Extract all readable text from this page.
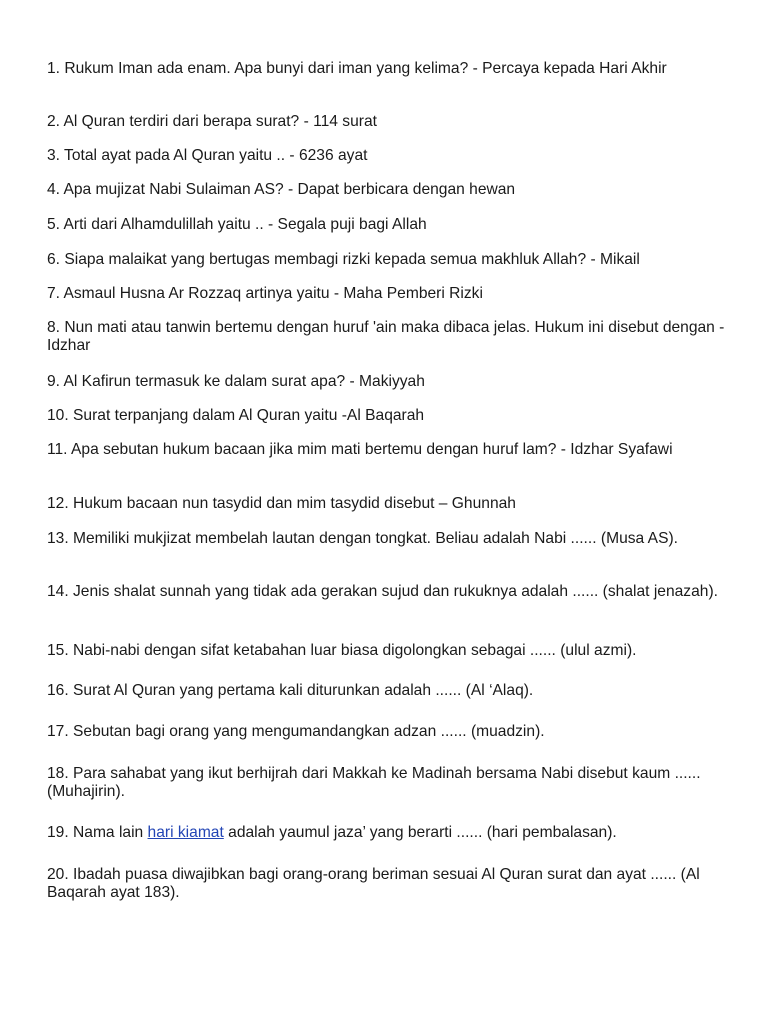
1. Rukum Iman ada enam. Apa bunyi dari iman yang kelima? - Percaya kepada Hari Akhir
2. Al Quran terdiri dari berapa surat? - 114 surat
3. Total ayat pada Al Quran yaitu .. - 6236 ayat
4. Apa mujizat Nabi Sulaiman AS? - Dapat berbicara dengan hewan
5. Arti dari Alhamdulillah yaitu .. - Segala puji bagi Allah
6. Siapa malaikat yang bertugas membagi rizki kepada semua makhluk Allah? - Mikail
7. Asmaul Husna Ar Rozzaq artinya yaitu - Maha Pemberi Rizki
8. Nun mati atau tanwin bertemu dengan huruf 'ain maka dibaca jelas. Hukum ini disebut dengan - Idzhar
9. Al Kafirun termasuk ke dalam surat apa? - Makiyyah
10. Surat terpanjang dalam Al Quran yaitu -Al Baqarah
11. Apa sebutan hukum bacaan jika mim mati bertemu dengan huruf lam? - Idzhar Syafawi
12. Hukum bacaan nun tasydid dan mim tasydid disebut – Ghunnah
13. Memiliki mukjizat membelah lautan dengan tongkat. Beliau adalah Nabi ...... (Musa AS).
14. Jenis shalat sunnah yang tidak ada gerakan sujud dan rukuknya adalah ...... (shalat jenazah).
15. Nabi-nabi dengan sifat ketabahan luar biasa digolongkan sebagai ...... (ulul azmi).
16. Surat Al Quran yang pertama kali diturunkan adalah ...... (Al ‘Alaq).
17. Sebutan bagi orang yang mengumandangkan adzan ...... (muadzin).
18. Para sahabat yang ikut berhijrah dari Makkah ke Madinah bersama Nabi disebut kaum ...... (Muhajirin).
19. Nama lain hari kiamat adalah yaumul jaza’ yang berarti ...... (hari pembalasan).
20. Ibadah puasa diwajibkan bagi orang-orang beriman sesuai Al Quran surat dan ayat ...... (Al Baqarah ayat 183).
